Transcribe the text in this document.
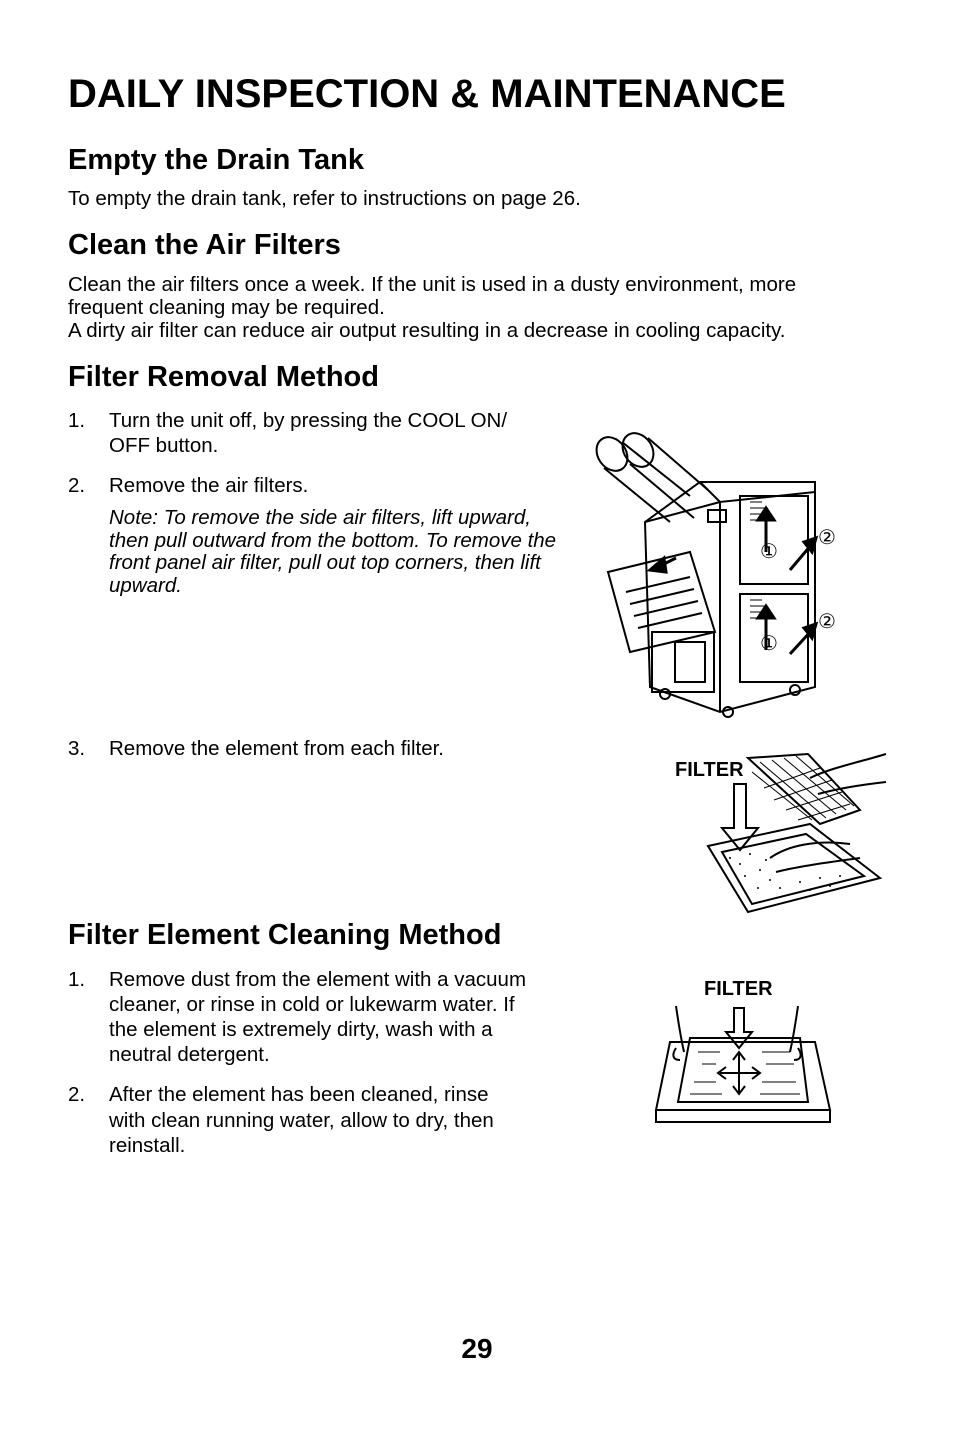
DAILY INSPECTION & MAINTENANCE
Empty the Drain Tank

To empty the drain tank, refer to instructions on page 26.

Clean the Air Filters

Clean the air filters once a week. If the unit is used in a dusty environment, more

frequent cleaning may be required.

A dirty air filter can reduce air output resulting in a decrease in cooling capacity.

Filter Removal Method
1. Turn the unit off, by pressing the COOL ON/
OFF button.
2. Remove the air filters.
Note: To remove the side air filters, lift upward, then pull outward from the bottom. To remove the front panel air filter, pull out top corners, then lift upward.
①
②
①
②
3. Remove the element from each filter.
FILTER
Filter Element Cleaning Method
1. Remove dust from the element with a vacuum
cleaner, or rinse in cold or lukewarm water. If
the element is extremely dirty, wash with a
neutral detergent.
2. After the element has been cleaned, rinse
with clean running water, allow to dry, then
reinstall.
FILTER
29
